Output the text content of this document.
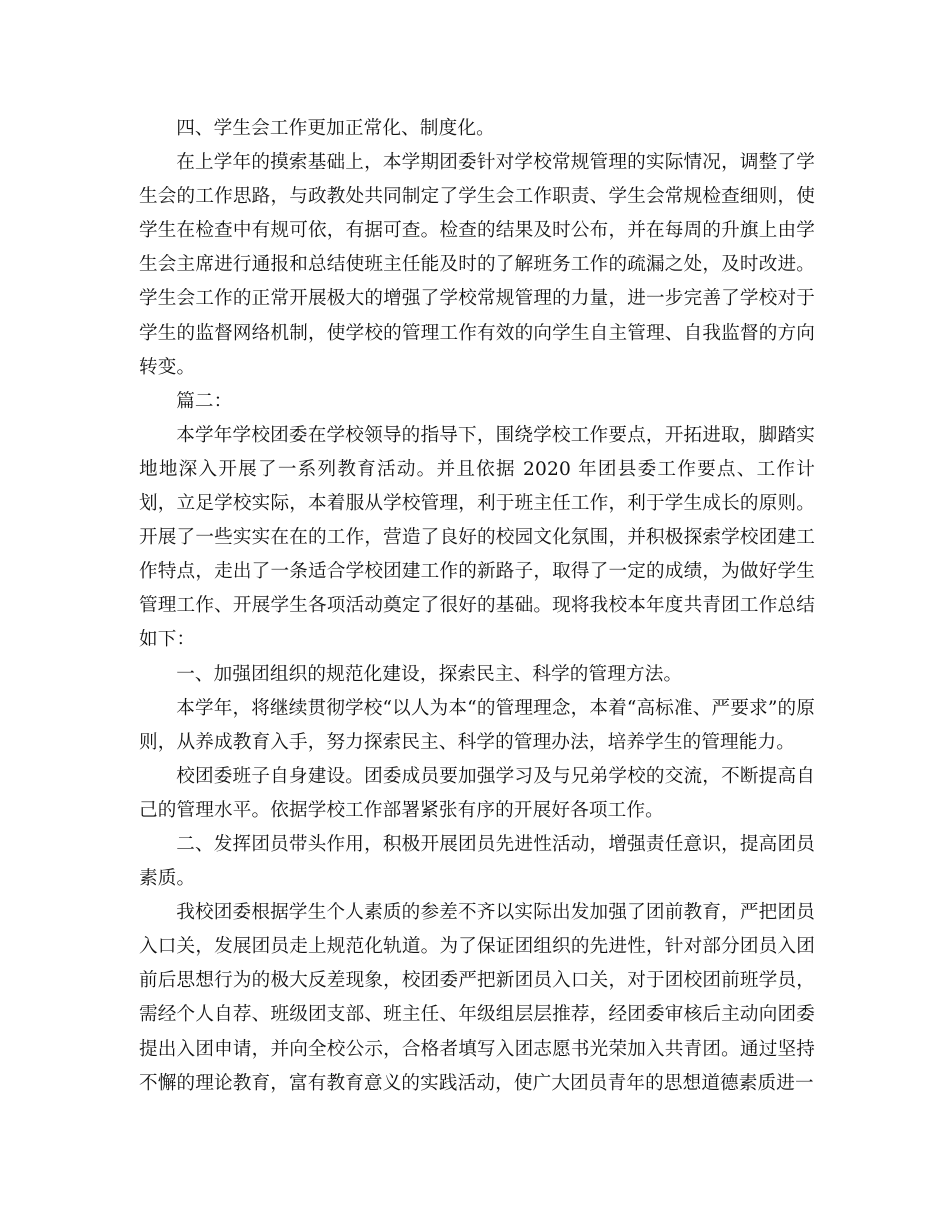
四、学生会工作更加正常化、制度化。

在上学年的摸索基础上，本学期团委针对学校常规管理的实际情况，调整了学生会的工作思路，与政教处共同制定了学生会工作职责、学生会常规检查细则，使学生在检查中有规可依，有据可查。检查的结果及时公布，并在每周的升旗上由学生会主席进行通报和总结使班主任能及时的了解班务工作的疏漏之处，及时改进。学生会工作的正常开展极大的增强了学校常规管理的力量，进一步完善了学校对于学生的监督网络机制，使学校的管理工作有效的向学生自主管理、自我监督的方向转变。

篇二：

本学年学校团委在学校领导的指导下，围绕学校工作要点，开拓进取，脚踏实地地深入开展了一系列教育活动。并且依据 2020 年团县委工作要点、工作计划，立足学校实际，本着服从学校管理，利于班主任工作，利于学生成长的原则。开展了一些实实在在的工作，营造了良好的校园文化氛围，并积极探索学校团建工作特点，走出了一条适合学校团建工作的新路子，取得了一定的成绩，为做好学生管理工作、开展学生各项活动奠定了很好的基础。现将我校本年度共青团工作总结如下：

一、加强团组织的规范化建设，探索民主、科学的管理方法。

本学年，将继续贯彻学校“以人为本“的管理理念，本着“高标准、严要求”的原则，从养成教育入手，努力探索民主、科学的管理办法，培养学生的管理能力。

校团委班子自身建设。团委成员要加强学习及与兄弟学校的交流，不断提高自己的管理水平。依据学校工作部署紧张有序的开展好各项工作。

二、发挥团员带头作用，积极开展团员先进性活动，增强责任意识，提高团员素质。

我校团委根据学生个人素质的参差不齐以实际出发加强了团前教育，严把团员入口关，发展团员走上规范化轨道。为了保证团组织的先进性，针对部分团员入团前后思想行为的极大反差现象，校团委严把新团员入口关，对于团校团前班学员，需经个人自荐、班级团支部、班主任、年级组层层推荐，经团委审核后主动向团委提出入团申请，并向全校公示，合格者填写入团志愿书光荣加入共青团。通过坚持不懈的理论教育，富有教育意义的实践活动，使广大团员青年的思想道德素质进一
